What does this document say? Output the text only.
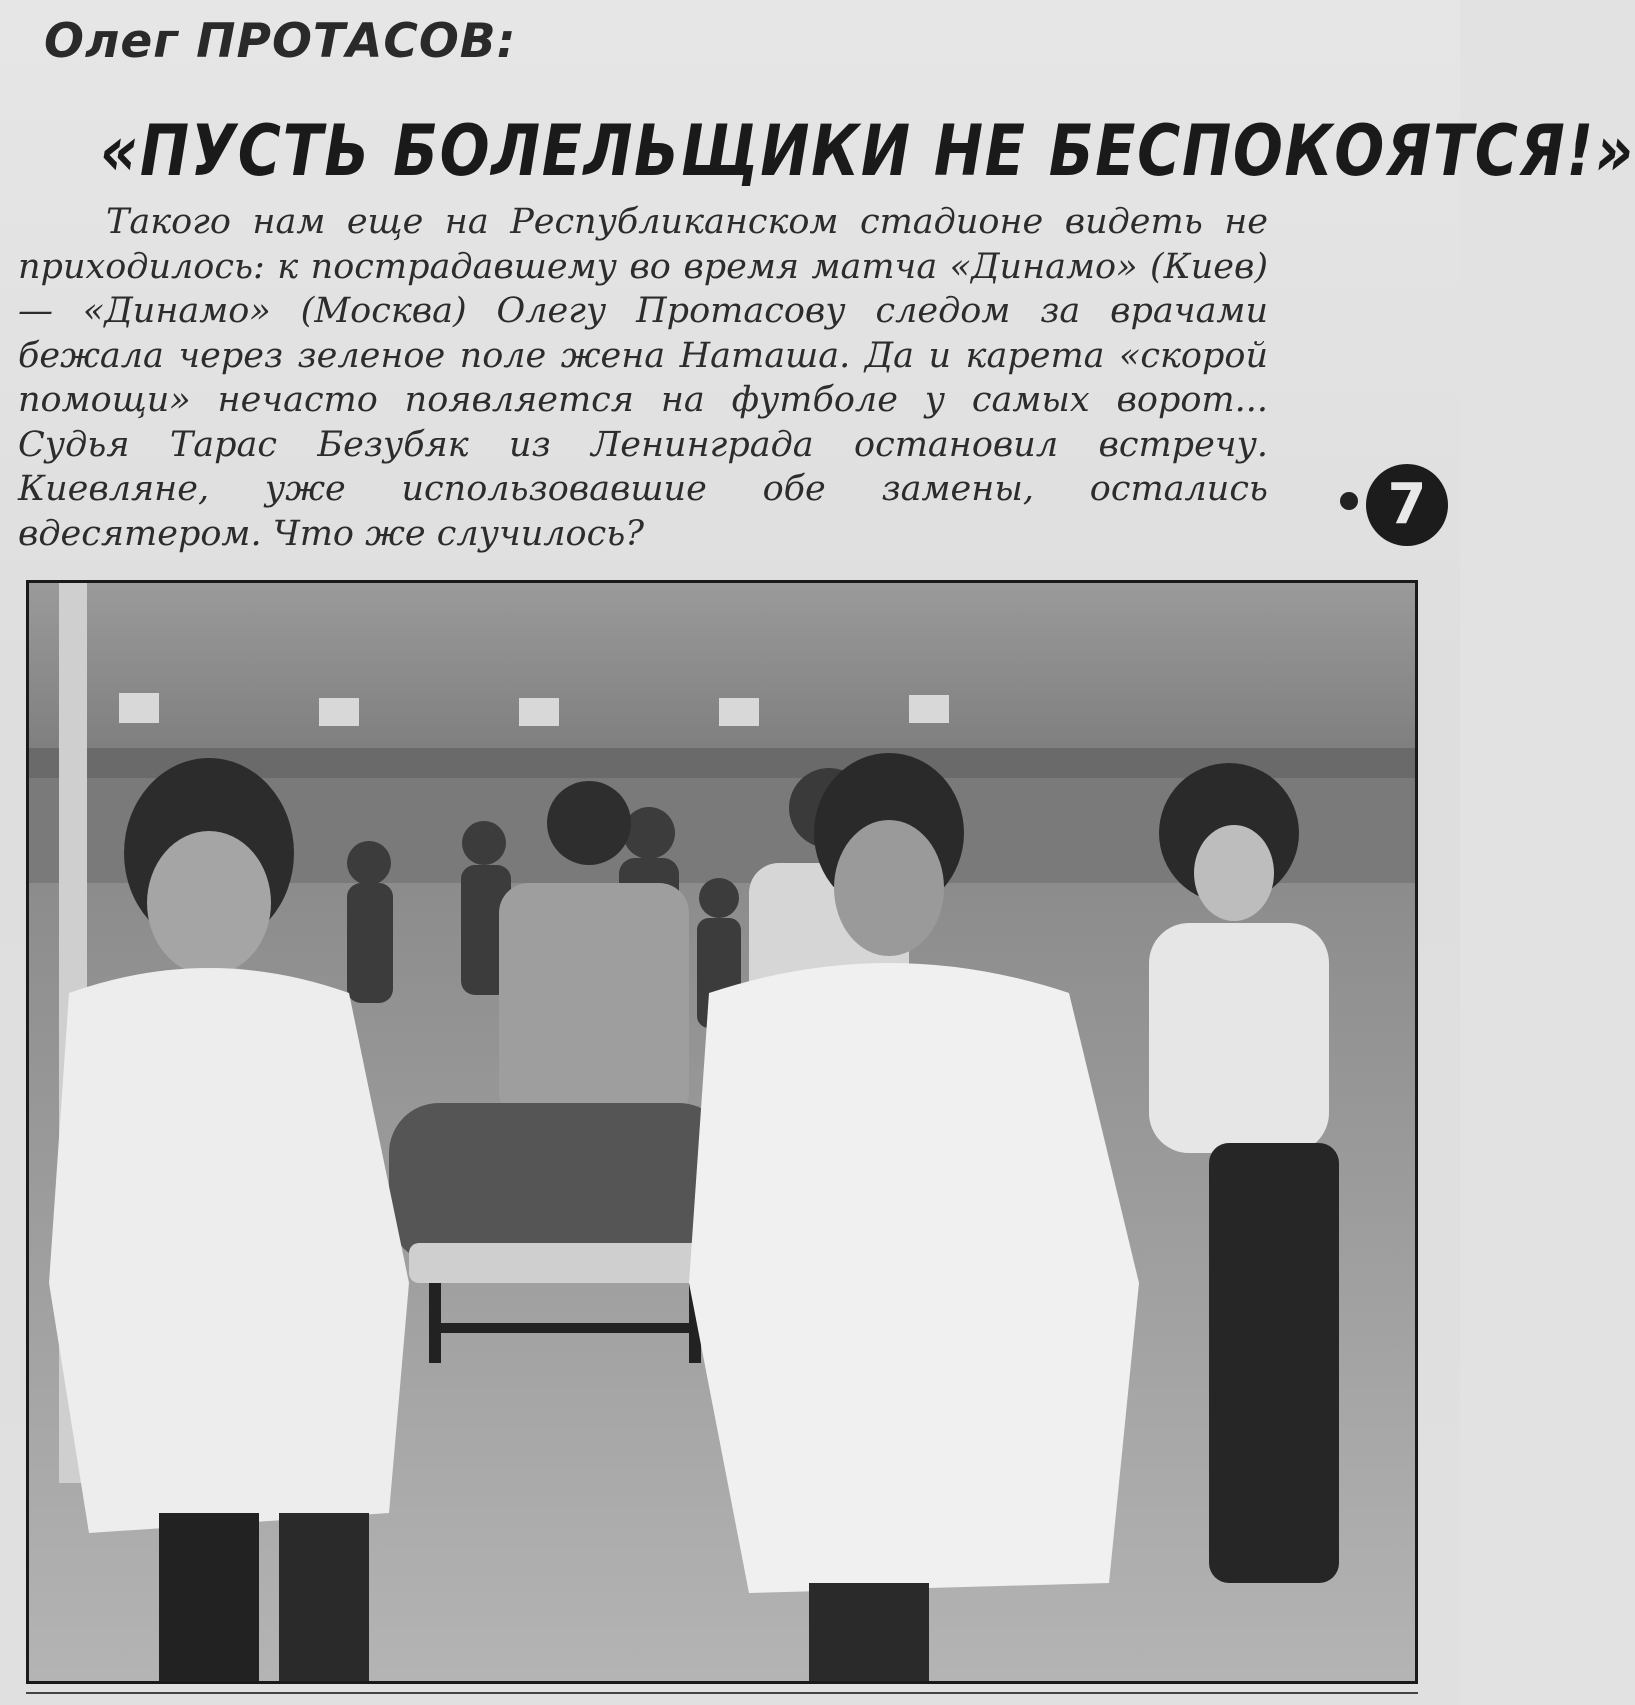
Олег ПРОТАСОВ:
«ПУСТЬ БОЛЕЛЬЩИКИ НЕ БЕСПОКОЯТСЯ!»

Такого нам еще на Республиканском стадионе видеть не приходилось: к пострадавшему во время матча «Динамо» (Киев) — «Динамо» (Москва) Олегу Протасову следом за врачами бежала через зеленое поле жена Наташа. Да и карета «скорой помощи» нечасто появляется на футболе у самых ворот... Судья Тарас Безубяк из Ленинграда остановил встречу. Киевляне, уже использовавшие обе замены, остались вдесятером. Что же случилось?	7
